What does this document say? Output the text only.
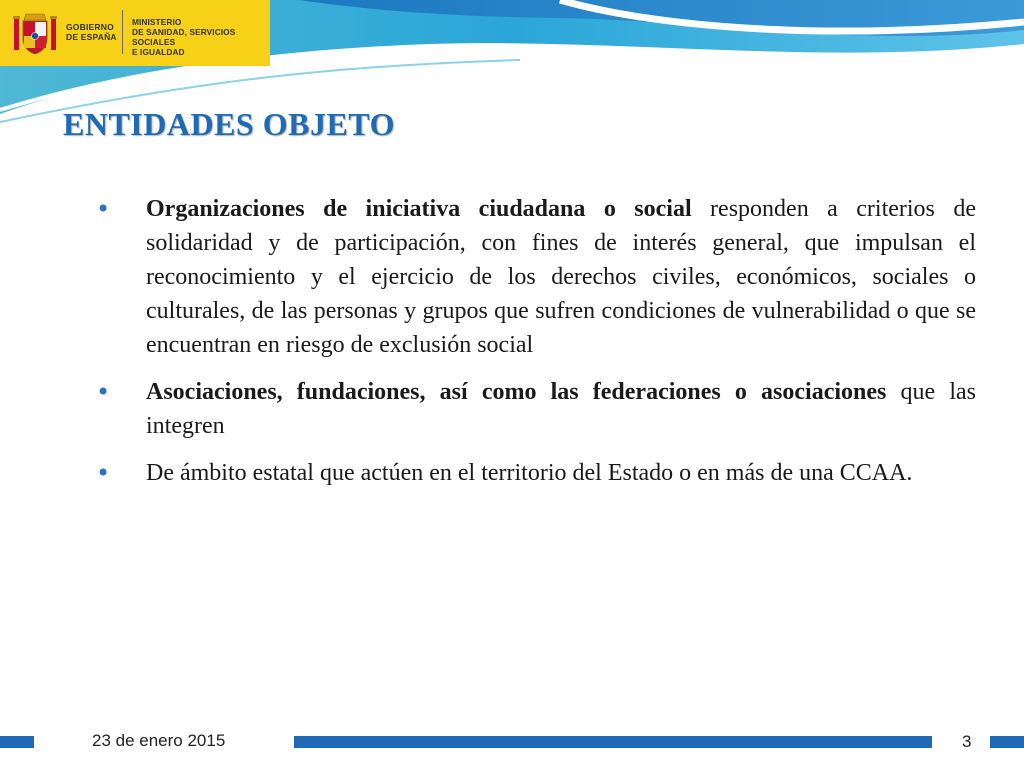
GOBIERNO
DE ESPAÑA
MINISTERIO
DE SANIDAD, SERVICIOS SOCIALES
E IGUALDAD
ENTIDADES OBJETO
• Organizaciones de iniciativa ciudadana o social responden a criterios de solidaridad y de participación, con fines de interés general, que impulsan el reconocimiento y el ejercicio de los derechos civiles, económicos, sociales o culturales, de las personas y grupos que sufren condiciones de vulnerabilidad o que se encuentran en riesgo de exclusión social
• Asociaciones, fundaciones, así como las federaciones o asociaciones que las integren
• De ámbito estatal que actúen en el territorio del Estado o en más de una CCAA.
23 de enero 2015	3
